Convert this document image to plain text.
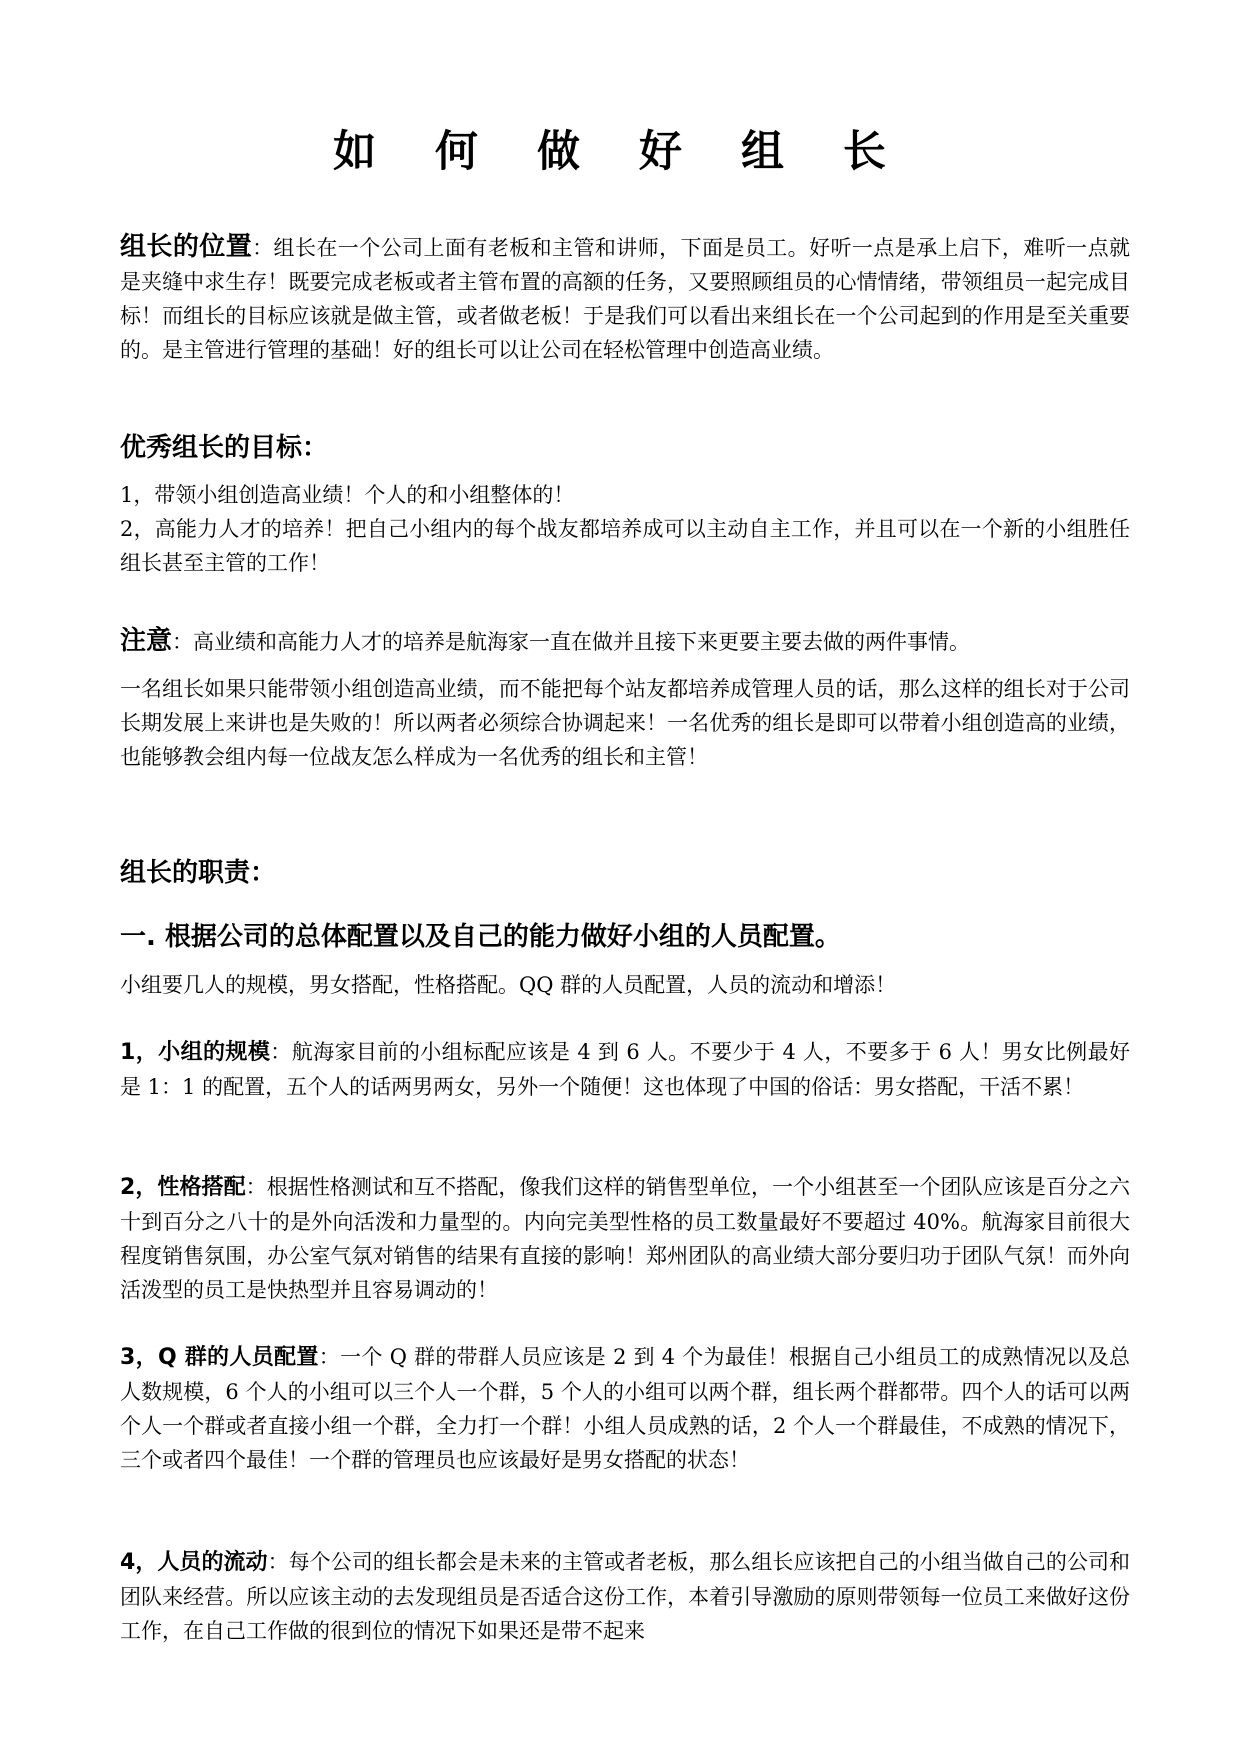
如 何 做 好 组 长
组长的位置：组长在一个公司上面有老板和主管和讲师，下面是员工。好听一点是承上启下，难听一点就是夹缝中求生存！既要完成老板或者主管布置的高额的任务，又要照顾组员的心情情绪，带领组员一起完成目标！而组长的目标应该就是做主管，或者做老板！于是我们可以看出来组长在一个公司起到的作用是至关重要的。是主管进行管理的基础！好的组长可以让公司在轻松管理中创造高业绩。
优秀组长的目标：
1，带领小组创造高业绩！个人的和小组整体的！
2，高能力人才的培养！把自己小组内的每个战友都培养成可以主动自主工作，并且可以在一个新的小组胜任组长甚至主管的工作！
注意：高业绩和高能力人才的培养是航海家一直在做并且接下来更要主要去做的两件事情。
一名组长如果只能带领小组创造高业绩，而不能把每个站友都培养成管理人员的话，那么这样的组长对于公司长期发展上来讲也是失败的！所以两者必须综合协调起来！一名优秀的组长是即可以带着小组创造高的业绩，也能够教会组内每一位战友怎么样成为一名优秀的组长和主管！
组长的职责：
一. 根据公司的总体配置以及自己的能力做好小组的人员配置。
小组要几人的规模，男女搭配，性格搭配。QQ 群的人员配置，人员的流动和增添！
1，小组的规模：航海家目前的小组标配应该是 4 到 6 人。不要少于 4 人，不要多于 6 人！男女比例最好是 1：1 的配置，五个人的话两男两女，另外一个随便！这也体现了中国的俗话：男女搭配，干活不累！
2，性格搭配：根据性格测试和互不搭配，像我们这样的销售型单位，一个小组甚至一个团队应该是百分之六十到百分之八十的是外向活泼和力量型的。内向完美型性格的员工数量最好不要超过 40%。航海家目前很大程度销售氛围，办公室气氛对销售的结果有直接的影响！郑州团队的高业绩大部分要归功于团队气氛！而外向活泼型的员工是快热型并且容易调动的！
3，Q 群的人员配置：一个 Q 群的带群人员应该是 2 到 4 个为最佳！根据自己小组员工的成熟情况以及总人数规模，6 个人的小组可以三个人一个群，5 个人的小组可以两个群，组长两个群都带。四个人的话可以两个人一个群或者直接小组一个群，全力打一个群！小组人员成熟的话，2 个人一个群最佳，不成熟的情况下，三个或者四个最佳！一个群的管理员也应该最好是男女搭配的状态！
4，人员的流动：每个公司的组长都会是未来的主管或者老板，那么组长应该把自己的小组当做自己的公司和团队来经营。所以应该主动的去发现组员是否适合这份工作，本着引导激励的原则带领每一位员工来做好这份工作，在自己工作做的很到位的情况下如果还是带不起来
